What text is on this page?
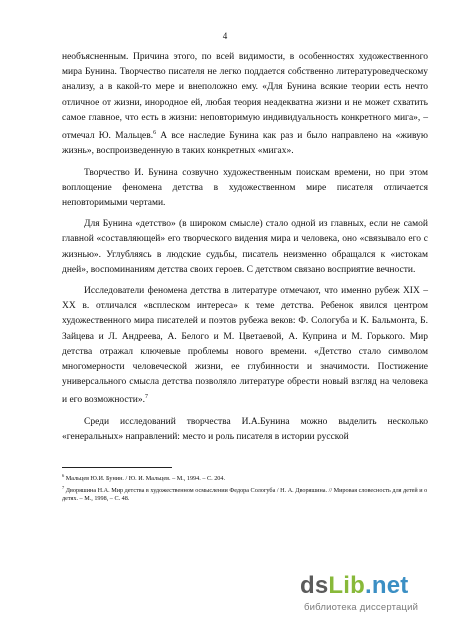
4

необъясненным. Причина этого, по всей видимости, в особенностях художественного мира Бунина. Творчество писателя не легко поддается собственно литературоведческому анализу, а в какой-то мере и внеположно ему. «Для Бунина всякие теории есть нечто отличное от жизни, инородное ей, любая теория неадекватна жизни и не может схватить самое главное, что есть в жизни: неповторимую индивидуальность конкретного мига», – отмечал Ю. Мальцев.$^6$ А все наследие Бунина как раз и было направлено на «живую жизнь», воспроизведенную в таких конкретных «мигах».

Творчество И. Бунина созвучно художественным поискам времени, но при этом воплощение феномена детства в художественном мире писателя отличается неповторимыми чертами.

Для Бунина «детство» (в широком смысле) стало одной из главных, если не самой главной «составляющей» его творческого видения мира и человека, оно «связывало его с жизнью». Углубляясь в людские судьбы, писатель неизменно обращался к «истокам дней», воспоминаниям детства своих героев. С детством связано восприятие вечности.

Исследователи феномена детства в литературе отмечают, что именно рубеж XIX – XX в. отличался «всплеском интереса» к теме детства. Ребенок явился центром художественного мира писателей и поэтов рубежа веков: Ф. Сологуба и К. Бальмонта, Б. Зайцева и Л. Андреева, А. Белого и М. Цветаевой, А. Куприна и М. Горького. Мир детства отражал ключевые проблемы нового времени. «Детство стало символом многомерности человеческой жизни, ее глубинности и значимости. Постижение универсального смысла детства позволяло литературе обрести новый взгляд на человека и его возможности».$^7$

Среди исследований творчества И.А.Бунина можно выделить несколько «генеральных» направлений: место и роль писателя в истории русской

$^6$ Мальцев Ю.И. Бунин. / Ю. И. Мальцев. – М., 1994. – С. 204.
$^7$ Дворяшина Н.А. Мир детства в художественном осмыслении Федора Сологуба / Н. А. Дворяшина. // Мировая словесность для детей и о детях. – М., 1998, – С. 48.
dsLib.net
библиотека диссертаций
